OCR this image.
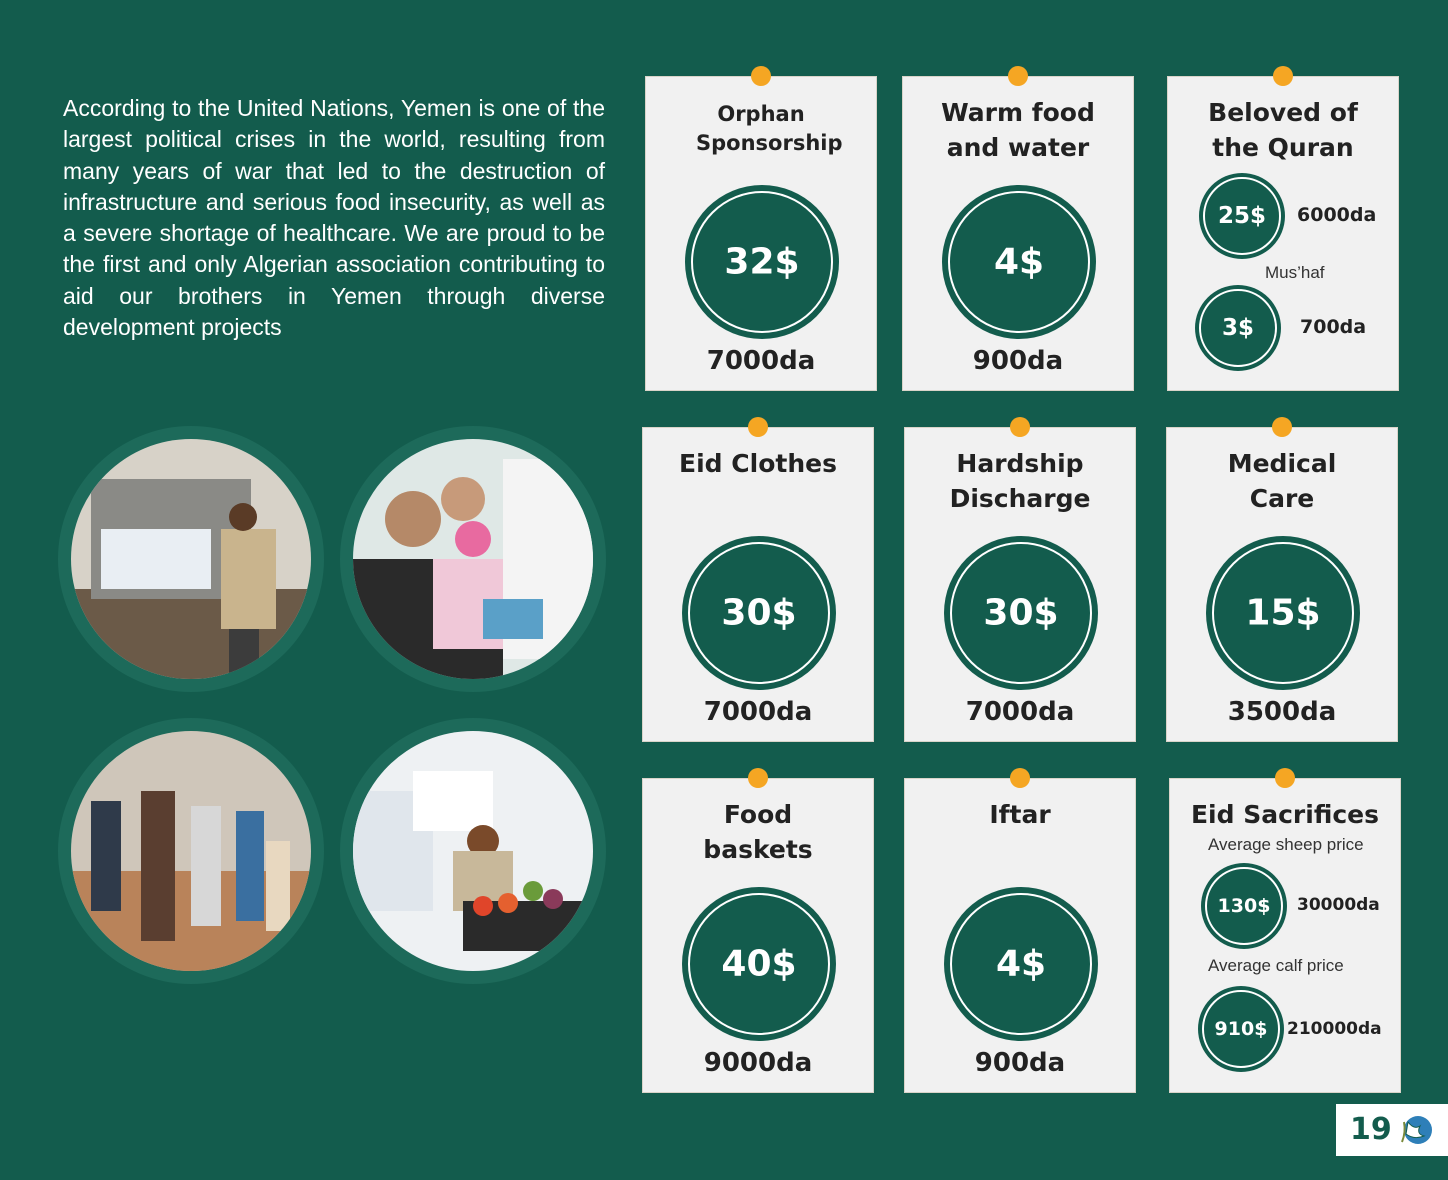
According to the United Nations, Yemen is one of the largest political crises in the world, resulting from many years of war that led to the destruction of infrastructure and serious food insecurity, as well as a severe shortage of healthcare. We are proud to be the first and only Algerian association contributing to aid our brothers in Yemen through diverse development projects

Orphan Sponsorship
32$
7000da
Warm food and water
4$
900da
Beloved of the Quran
25$	6000da
Mus’haf
3$	700da
Eid Clothes
30$
7000da
Hardship Discharge
30$
7000da
Medical Care
15$
3500da
Food baskets
40$
9000da
Iftar
4$
900da
Eid Sacrifices
Average sheep price
130$	30000da
Average calf price
910$	210000da
19
